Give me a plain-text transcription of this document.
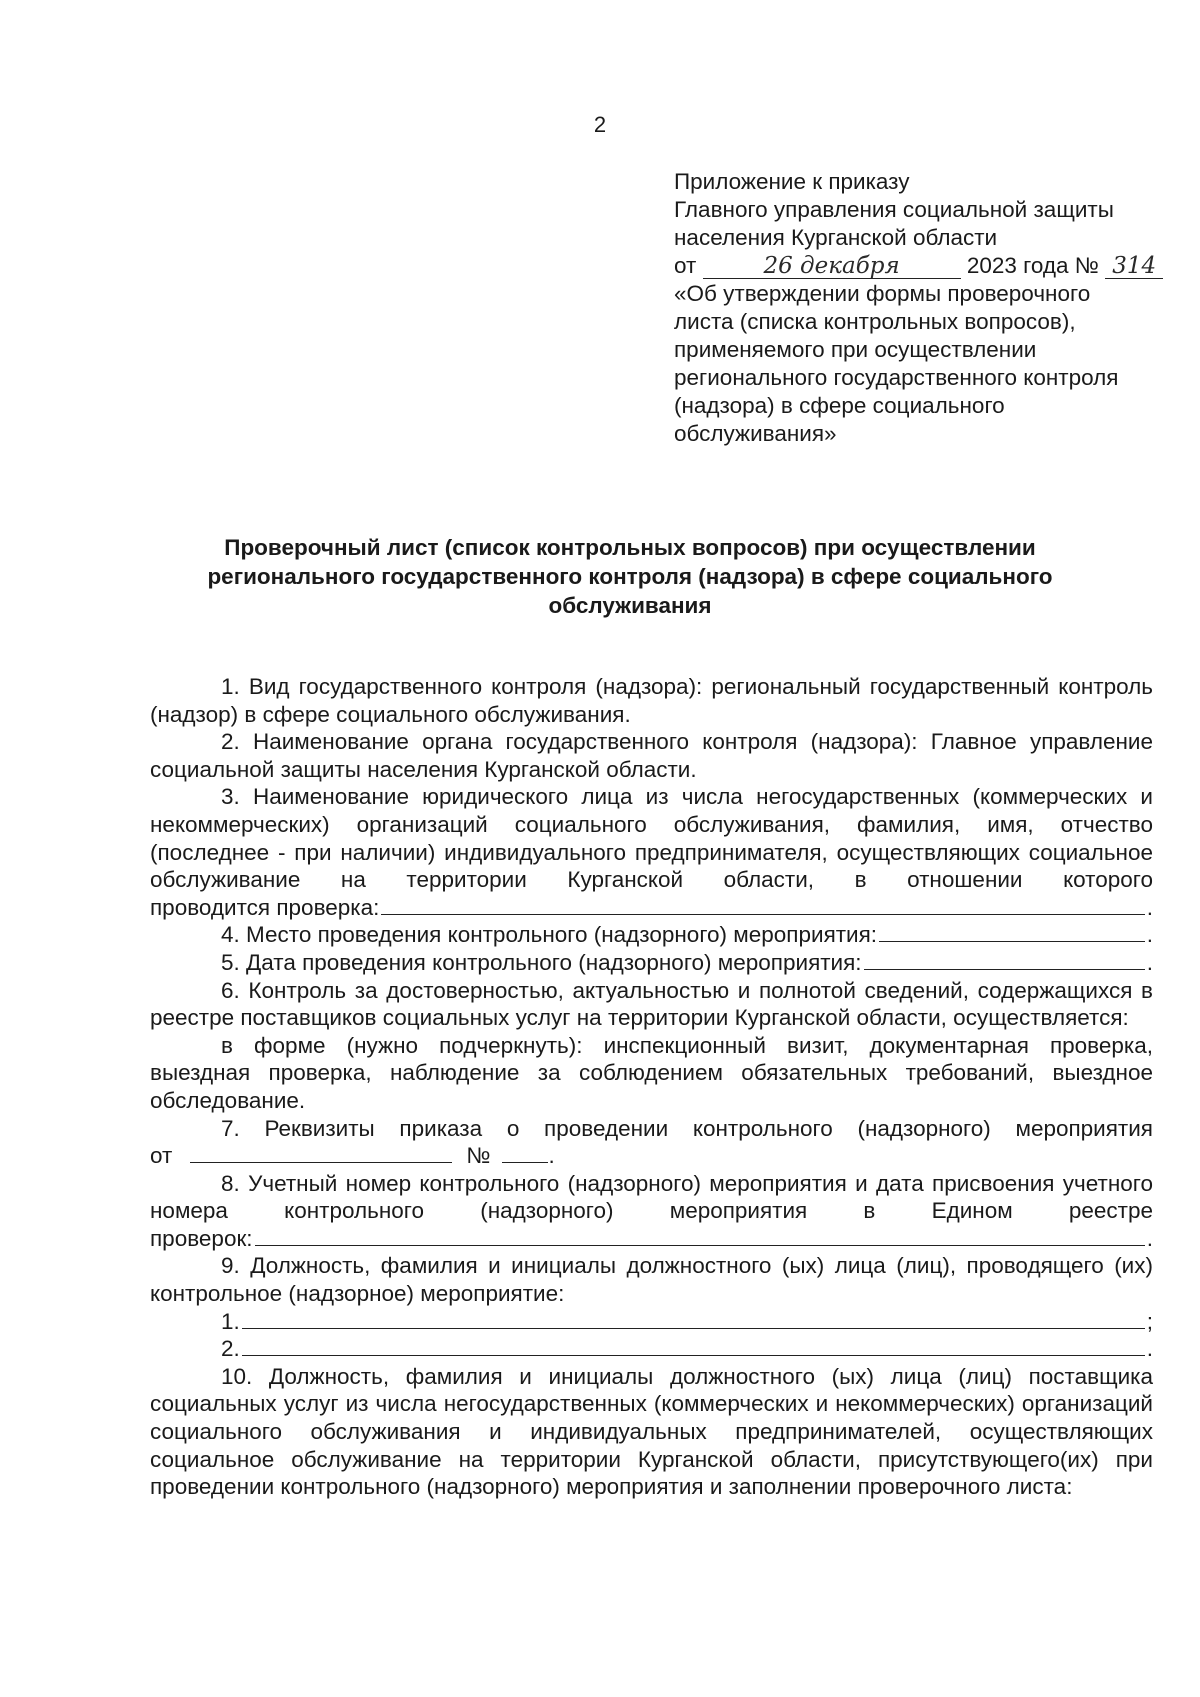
2
Приложение к приказу
Главного управления социальной защиты
населения Курганской области
от	26 декабря	2023 года № 314
«Об утверждении формы проверочного
листа (списка контрольных вопросов),
применяемого при осуществлении
регионального государственного контроля
(надзора) в сфере социального
обслуживания»
Проверочный лист (список контрольных вопросов) при осуществлении
регионального государственного контроля (надзора) в сфере социального
обслуживания

1. Вид государственного контроля (надзора): региональный государственный контроль (надзор) в сфере социального обслуживания.

2. Наименование органа государственного контроля (надзора): Главное управление социальной защиты населения Курганской области.

3. Наименование юридического лица из числа негосударственных (коммерческих и некоммерческих) организаций социального обслуживания, фамилия, имя, отчество (последнее - при наличии) индивидуального предпринимателя, осуществляющих социальное обслуживание на территории Курганской области, в отношении которого

проводится проверка:	.
4. Место проведения контрольного (надзорного) мероприятия:	.
5. Дата проведения контрольного (надзорного) мероприятия:	.

6. Контроль за достоверностью, актуальностью и полнотой сведений, содержащихся в реестре поставщиков социальных услуг на территории Курганской области, осуществляется:

в форме (нужно подчеркнуть): инспекционный визит, документарная проверка, выездная проверка, наблюдение за соблюдением обязательных требований, выездное обследование.

7. Реквизиты приказа о проведении контрольного (надзорного) мероприятия

от	№	.

8. Учетный номер контрольного (надзорного) мероприятия и дата присвоения учетного номера контрольного (надзорного) мероприятия в Едином реестре

проверок:	.

9. Должность, фамилия и инициалы должностного (ых) лица (лиц), проводящего (их) контрольное (надзорное) мероприятие:

1.	;
2.	.

10. Должность, фамилия и инициалы должностного (ых) лица (лиц) поставщика социальных услуг из числа негосударственных (коммерческих и некоммерческих) организаций социального обслуживания и индивидуальных предпринимателей, осуществляющих социальное обслуживание на территории Курганской области, присутствующего(их) при проведении контрольного (надзорного) мероприятия и заполнении проверочного листа:
